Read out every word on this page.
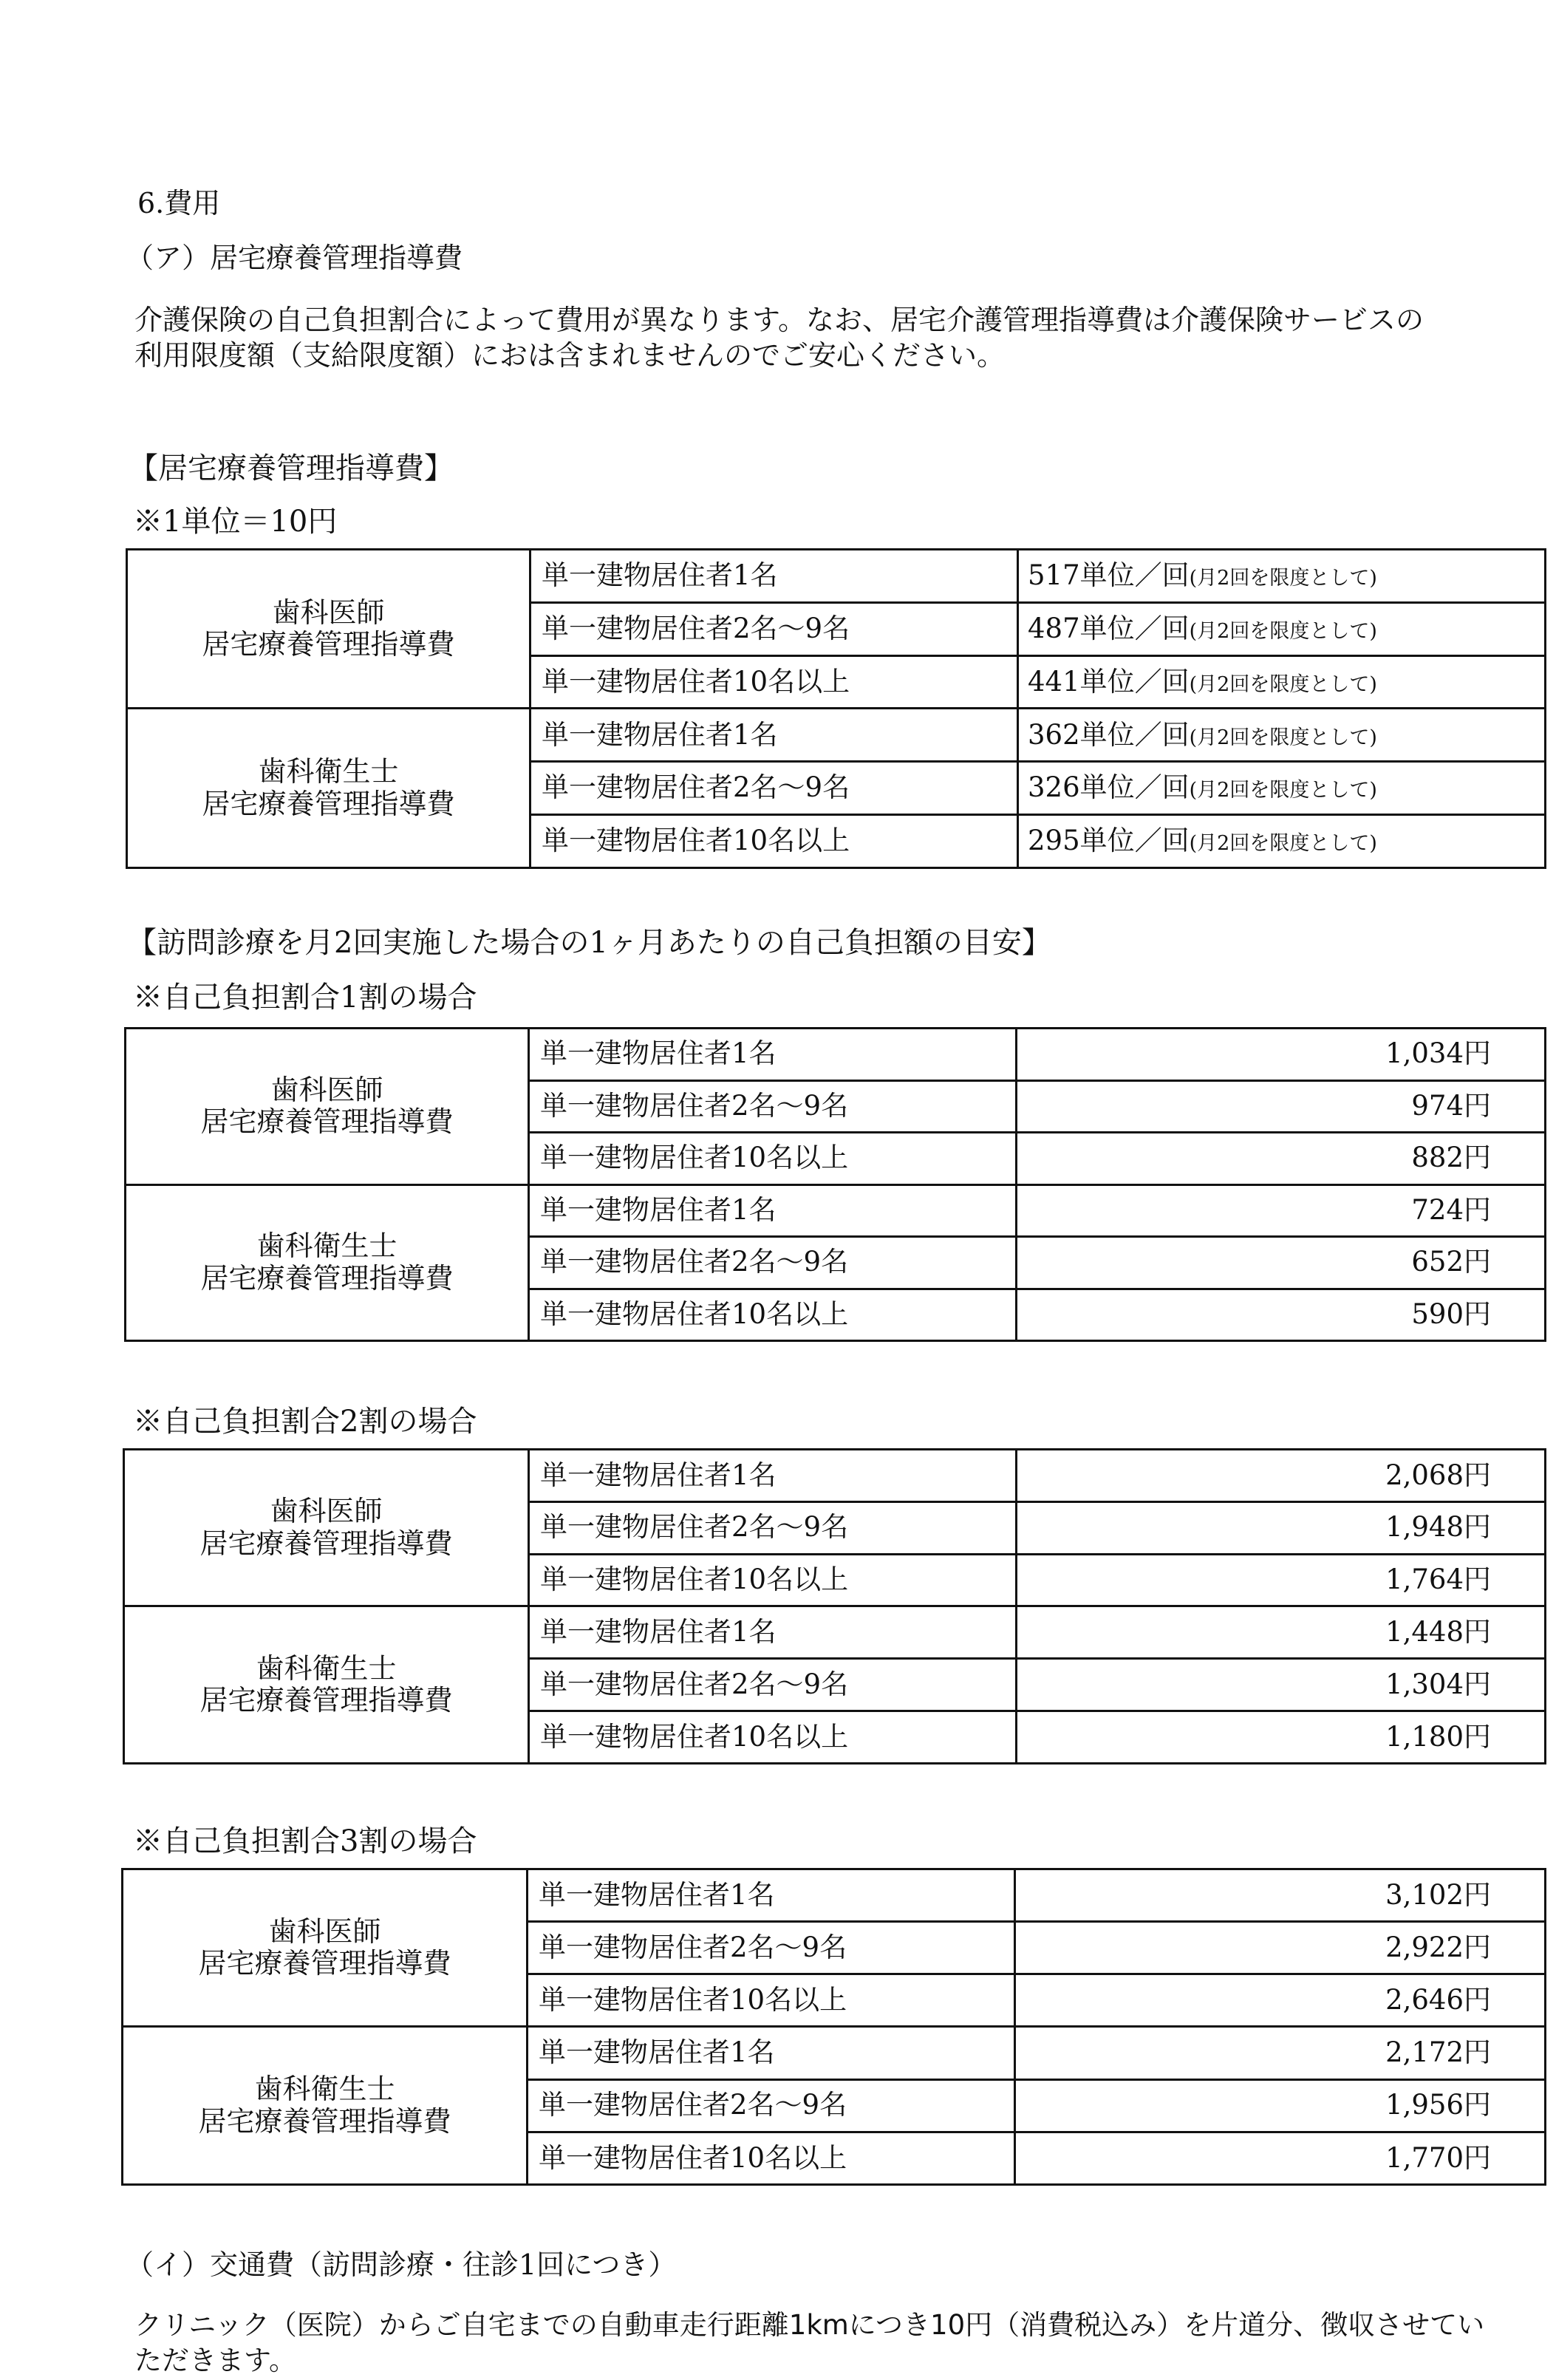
6.費用
（ア）居宅療養管理指導費
介護保険の自己負担割合によって費用が異なります。なお、居宅介護管理指導費は介護保険サービスの
利用限度額（支給限度額）におは含まれませんのでご安心ください。
【居宅療養管理指導費】
※1単位＝10円
歯科医師
居宅療養管理指導費	単一建物居住者1名	517単位／回(月2回を限度として)
	単一建物居住者2名～9名	487単位／回(月2回を限度として)
	単一建物居住者10名以上	441単位／回(月2回を限度として)

歯科衛生士
居宅療養管理指導費	単一建物居住者1名	362単位／回(月2回を限度として)
	単一建物居住者2名～9名	326単位／回(月2回を限度として)
	単一建物居住者10名以上	295単位／回(月2回を限度として)
【訪問診療を月2回実施した場合の1ヶ月あたりの自己負担額の目安】
※自己負担割合1割の場合
歯科医師
居宅療養管理指導費	単一建物居住者1名	1,034円
	単一建物居住者2名～9名	974円
	単一建物居住者10名以上	882円

歯科衛生士
居宅療養管理指導費	単一建物居住者1名	724円
	単一建物居住者2名～9名	652円
	単一建物居住者10名以上	590円
※自己負担割合2割の場合
歯科医師
居宅療養管理指導費	単一建物居住者1名	2,068円
	単一建物居住者2名～9名	1,948円
	単一建物居住者10名以上	1,764円

歯科衛生士
居宅療養管理指導費	単一建物居住者1名	1,448円
	単一建物居住者2名～9名	1,304円
	単一建物居住者10名以上	1,180円
※自己負担割合3割の場合
歯科医師
居宅療養管理指導費	単一建物居住者1名	3,102円
	単一建物居住者2名～9名	2,922円
	単一建物居住者10名以上	2,646円

歯科衛生士
居宅療養管理指導費	単一建物居住者1名	2,172円
	単一建物居住者2名～9名	1,956円
	単一建物居住者10名以上	1,770円
（イ）交通費（訪問診療・往診1回につき）
クリニック（医院）からご自宅までの自動車走行距離1kmにつき10円（消費税込み）を片道分、徴収させてい
ただきます。
